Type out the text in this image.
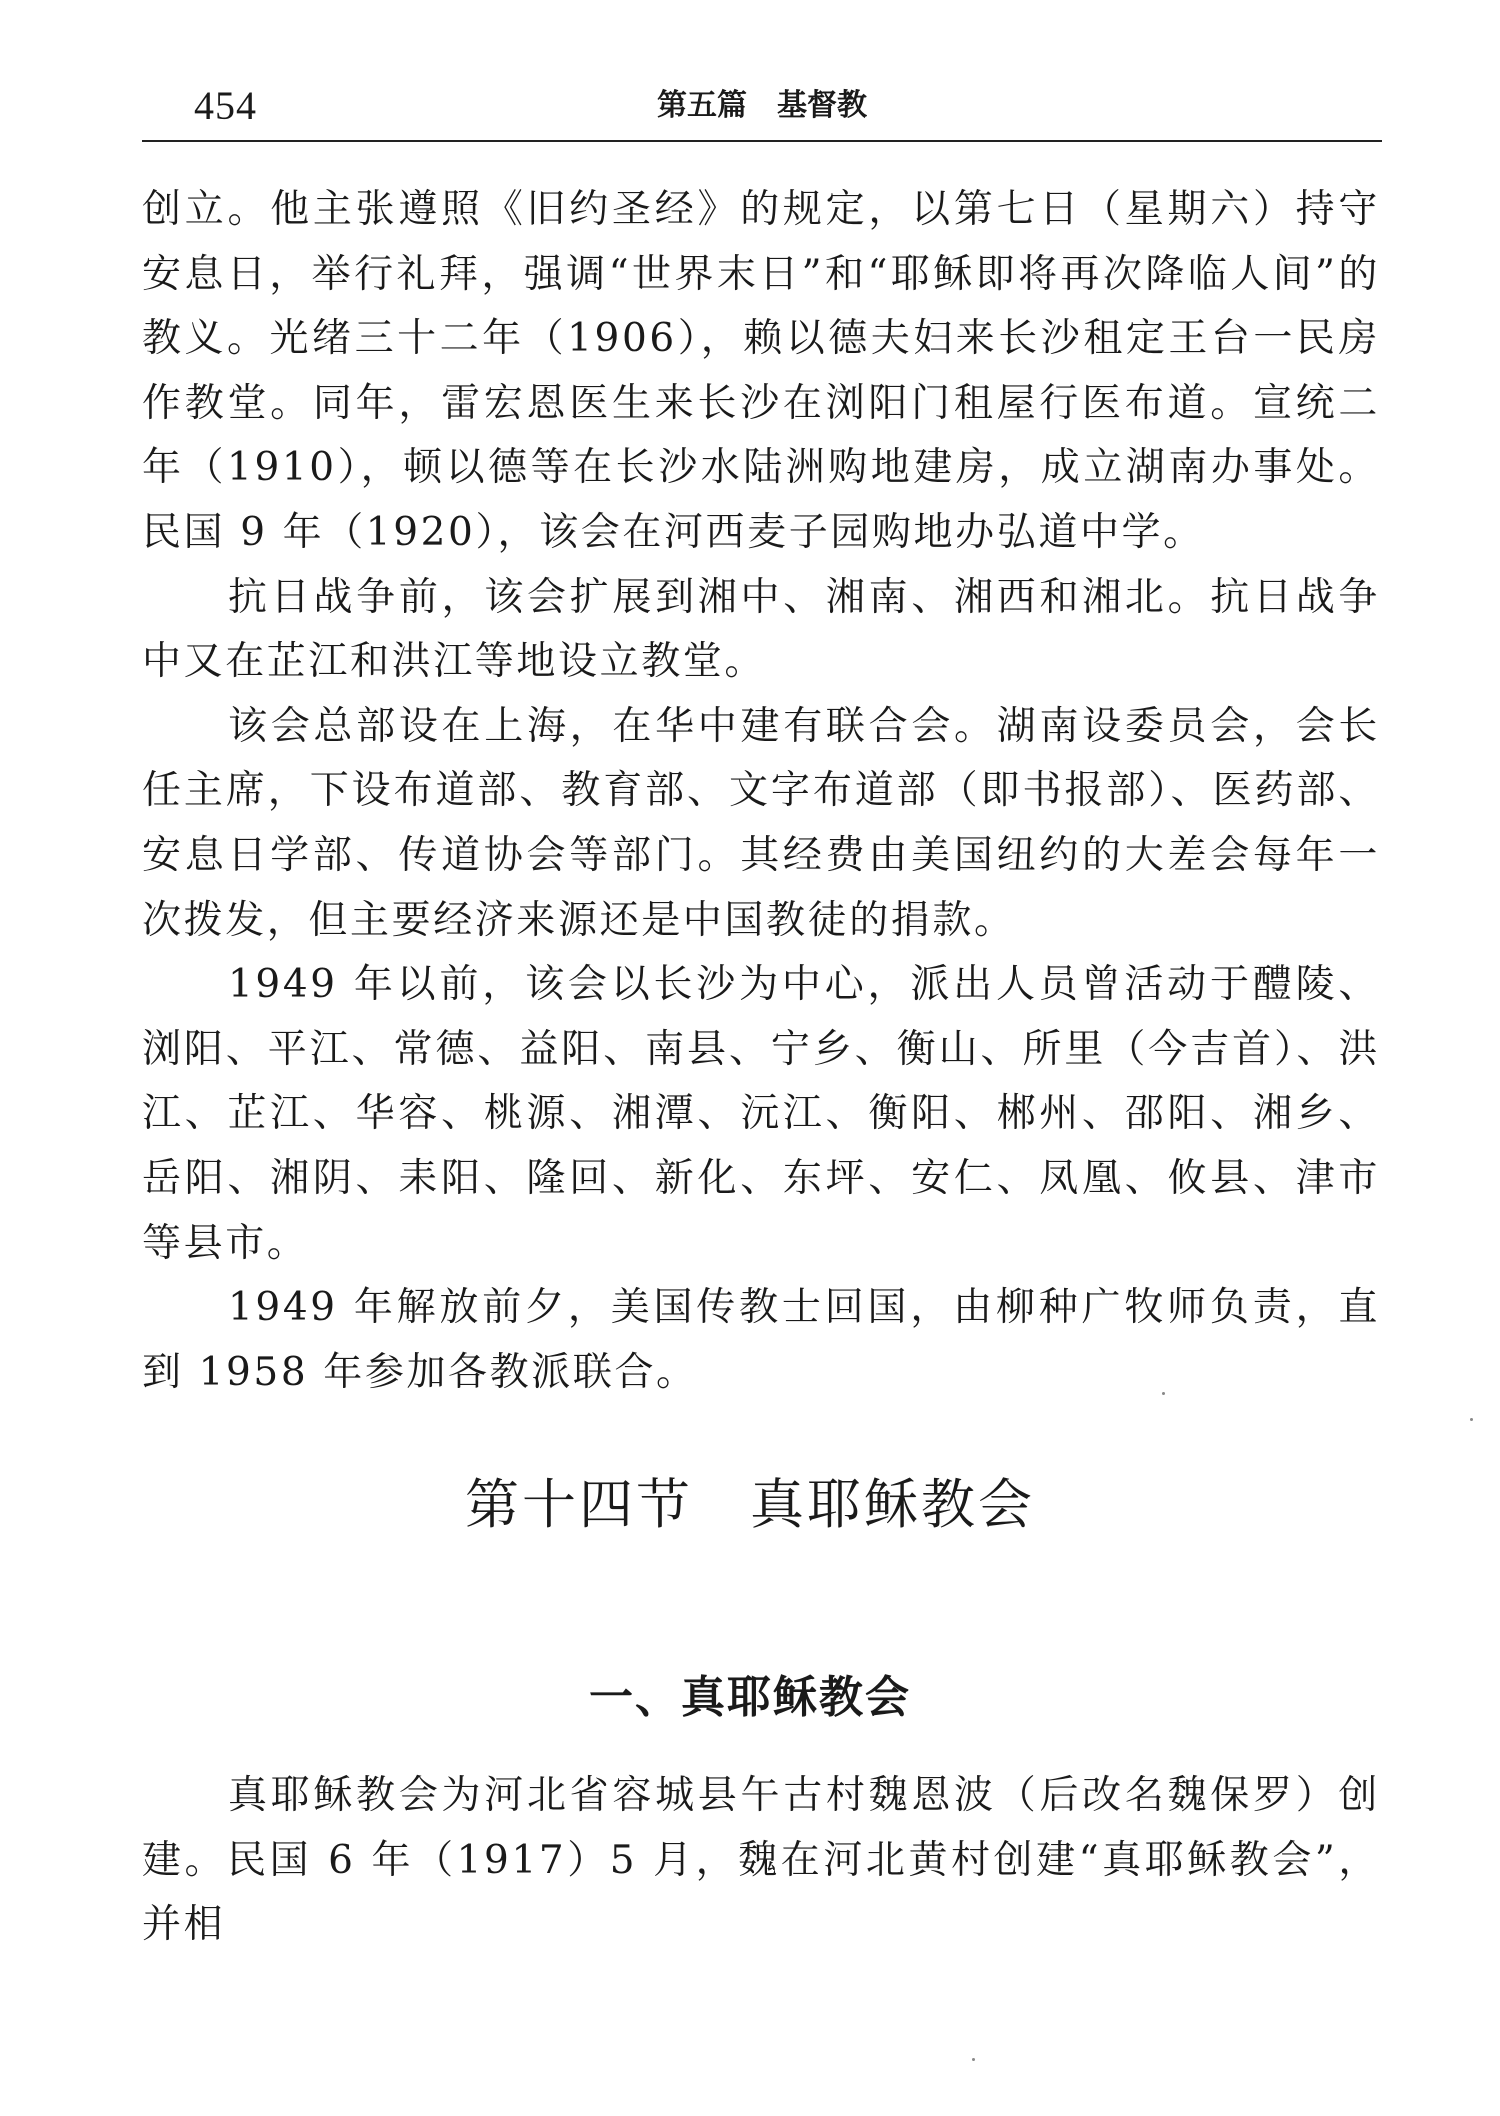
454	第五篇　基督教

创立。他主张遵照《旧约圣经》的规定，以第七日（星期六）持守安息日，举行礼拜，强调“世界末日”和“耶稣即将再次降临人间”的教义。光绪三十二年（1906），赖以德夫妇来长沙租定王台一民房作教堂。同年，雷宏恩医生来长沙在浏阳门租屋行医布道。宣统二年（1910），顿以德等在长沙水陆洲购地建房，成立湖南办事处。民国 9 年（1920），该会在河西麦子园购地办弘道中学。

抗日战争前，该会扩展到湘中、湘南、湘西和湘北。抗日战争中又在芷江和洪江等地设立教堂。

该会总部设在上海，在华中建有联合会。湖南设委员会，会长任主席，下设布道部、教育部、文字布道部（即书报部）、医药部、安息日学部、传道协会等部门。其经费由美国纽约的大差会每年一次拨发，但主要经济来源还是中国教徒的捐款。

1949 年以前，该会以长沙为中心，派出人员曾活动于醴陵、浏阳、平江、常德、益阳、南县、宁乡、衡山、所里（今吉首）、洪江、芷江、华容、桃源、湘潭、沅江、衡阳、郴州、邵阳、湘乡、岳阳、湘阴、耒阳、隆回、新化、东坪、安仁、凤凰、攸县、津市等县市。

1949 年解放前夕，美国传教士回国，由柳种广牧师负责，直到 1958 年参加各教派联合。

第十四节　真耶稣教会
一、真耶稣教会

真耶稣教会为河北省容城县午古村魏恩波（后改名魏保罗）创建。民国 6 年（1917）5 月，魏在河北黄村创建“真耶稣教会”，并相
